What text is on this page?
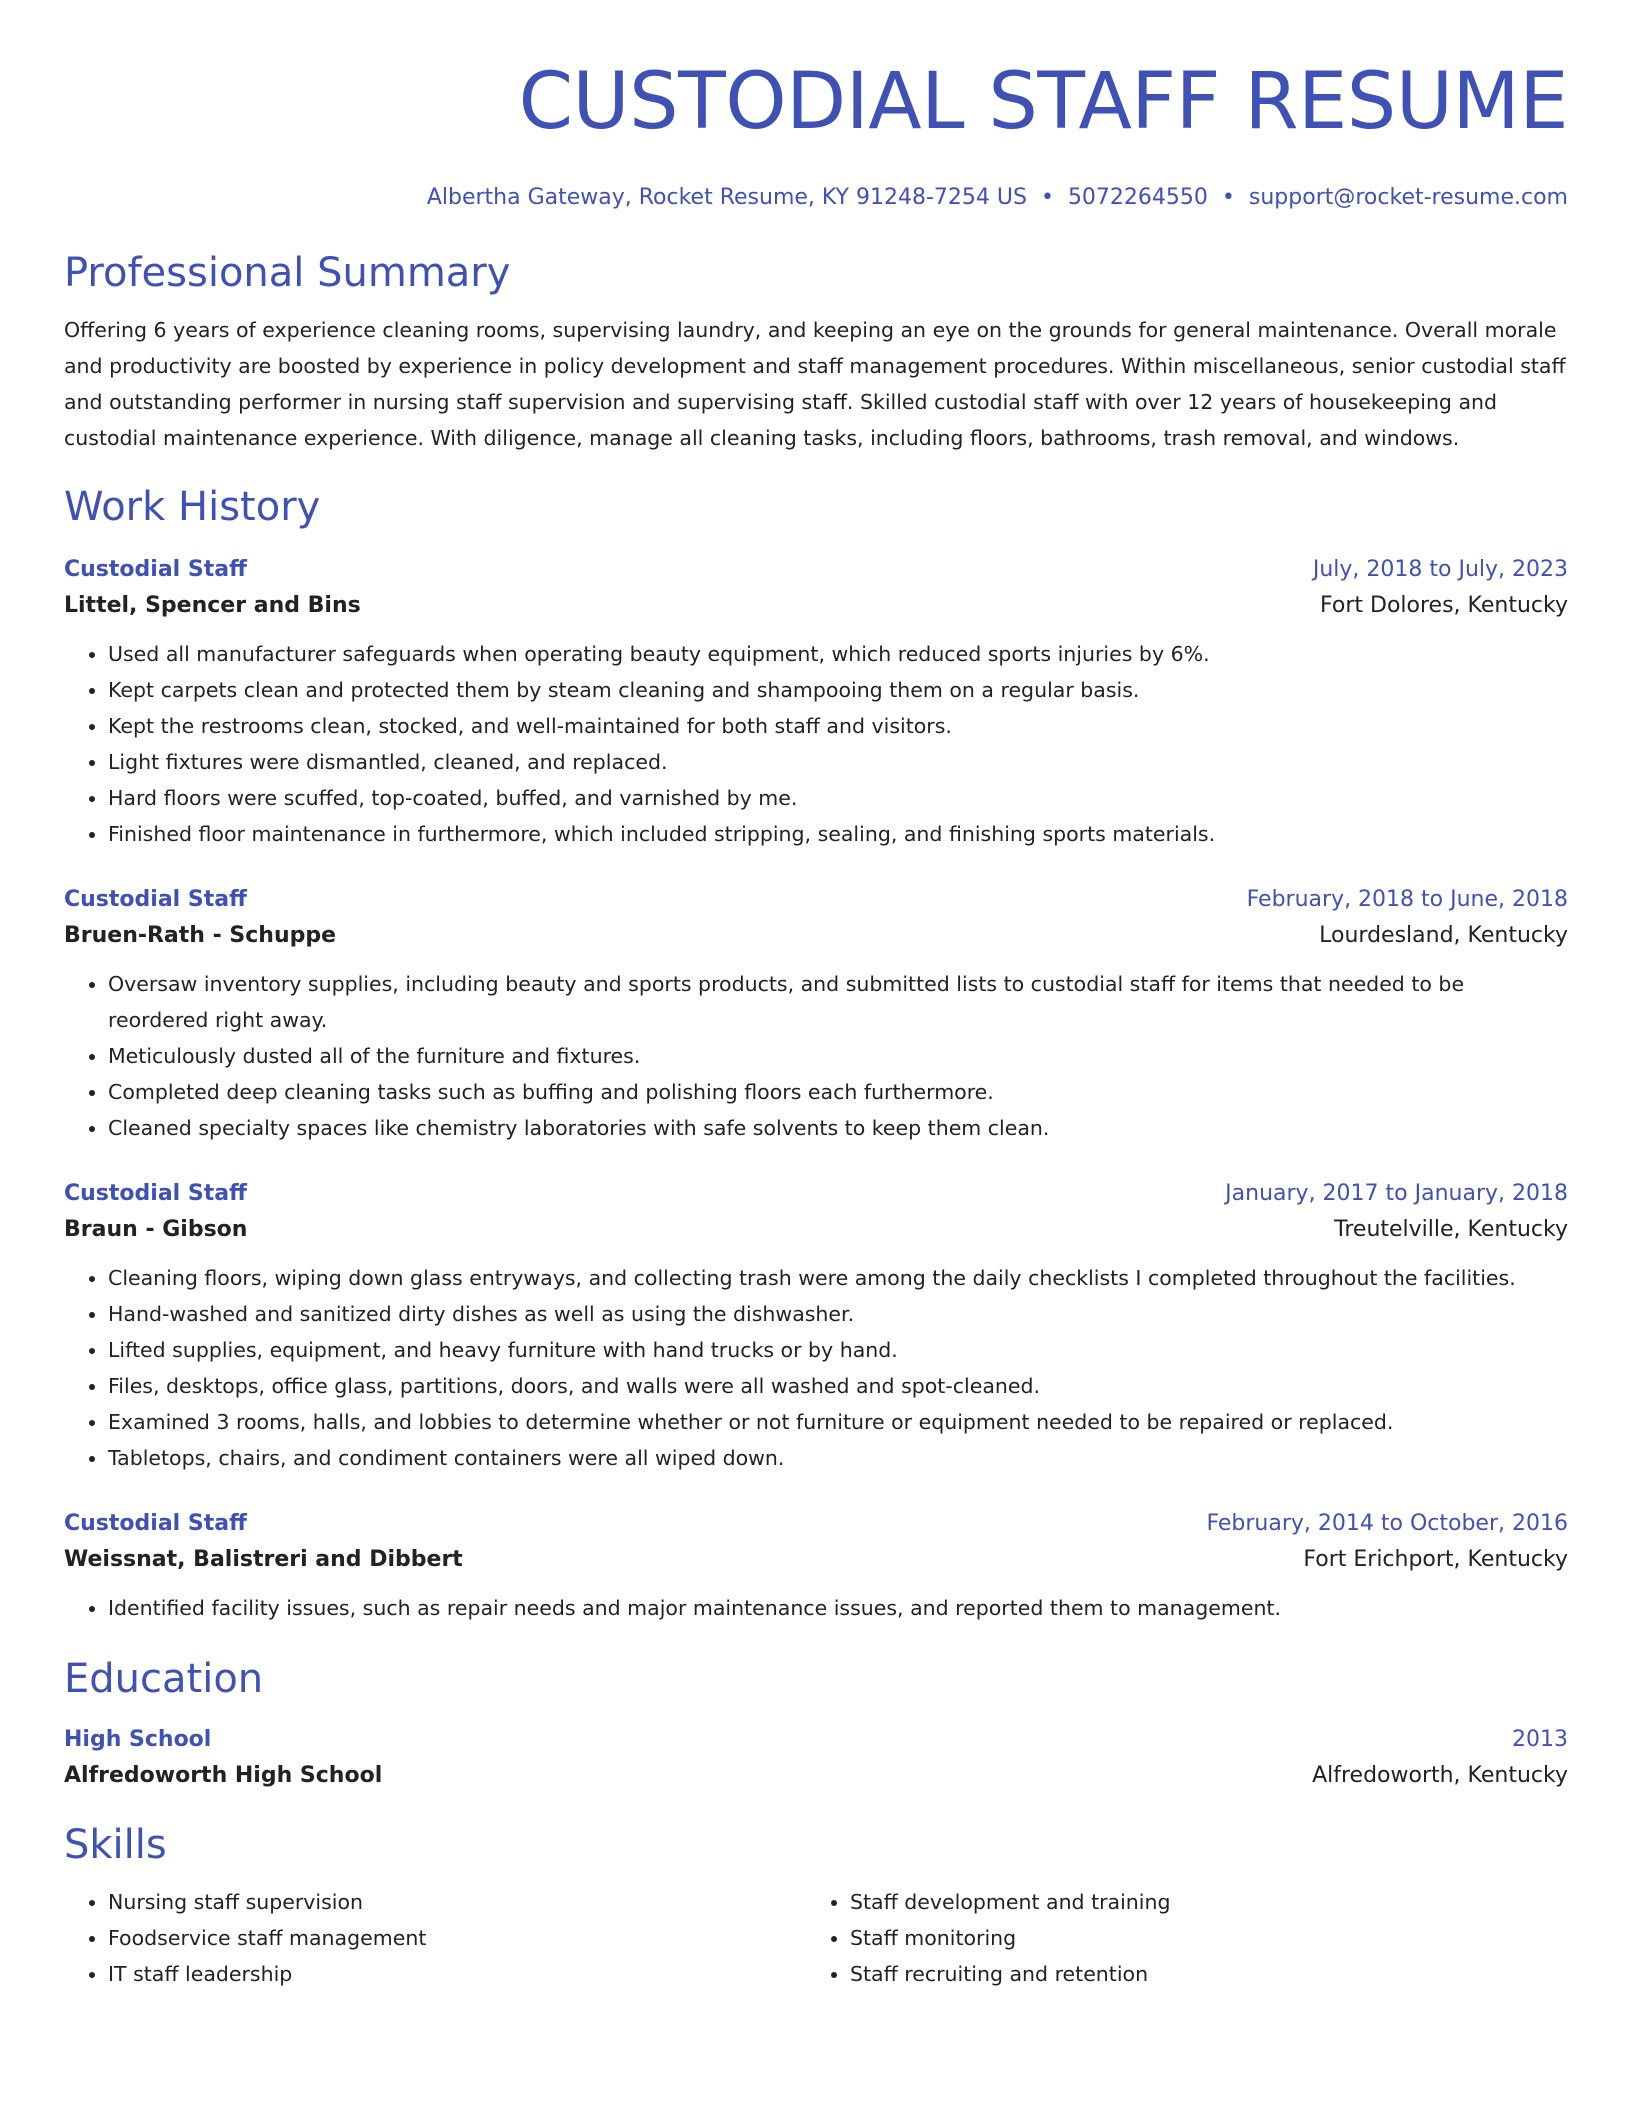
CUSTODIAL STAFF RESUME
Albertha Gateway, Rocket Resume, KY 91248-7254 US • 5072264550 • support@rocket-resume.com
Professional Summary

Offering 6 years of experience cleaning rooms, supervising laundry, and keeping an eye on the grounds for general maintenance. Overall morale and productivity are boosted by experience in policy development and staff management procedures. Within miscellaneous, senior custodial staff and outstanding performer in nursing staff supervision and supervising staff. Skilled custodial staff with over 12 years of housekeeping and custodial maintenance experience. With diligence, manage all cleaning tasks, including floors, bathrooms, trash removal, and windows.

Work History
Custodial Staff	July, 2018 to July, 2023
Littel, Spencer and Bins	Fort Dolores, Kentucky
• Used all manufacturer safeguards when operating beauty equipment, which reduced sports injuries by 6%.
• Kept carpets clean and protected them by steam cleaning and shampooing them on a regular basis.
• Kept the restrooms clean, stocked, and well-maintained for both staff and visitors.
• Light fixtures were dismantled, cleaned, and replaced.
• Hard floors were scuffed, top-coated, buffed, and varnished by me.
• Finished floor maintenance in furthermore, which included stripping, sealing, and finishing sports materials.
Custodial Staff	February, 2018 to June, 2018
Bruen-Rath - Schuppe	Lourdesland, Kentucky
• Oversaw inventory supplies, including beauty and sports products, and submitted lists to custodial staff for items that needed to be reordered right away.
• Meticulously dusted all of the furniture and fixtures.
• Completed deep cleaning tasks such as buffing and polishing floors each furthermore.
• Cleaned specialty spaces like chemistry laboratories with safe solvents to keep them clean.
Custodial Staff	January, 2017 to January, 2018
Braun - Gibson	Treutelville, Kentucky
• Cleaning floors, wiping down glass entryways, and collecting trash were among the daily checklists I completed throughout the facilities.
• Hand-washed and sanitized dirty dishes as well as using the dishwasher.
• Lifted supplies, equipment, and heavy furniture with hand trucks or by hand.
• Files, desktops, office glass, partitions, doors, and walls were all washed and spot-cleaned.
• Examined 3 rooms, halls, and lobbies to determine whether or not furniture or equipment needed to be repaired or replaced.
• Tabletops, chairs, and condiment containers were all wiped down.
Custodial Staff	February, 2014 to October, 2016
Weissnat, Balistreri and Dibbert	Fort Erichport, Kentucky
• Identified facility issues, such as repair needs and major maintenance issues, and reported them to management.
Education
High School	2013
Alfredoworth High School	Alfredoworth, Kentucky
Skills
• Nursing staff supervision
• Foodservice staff management
• IT staff leadership
• Staff development and training
• Staff monitoring
• Staff recruiting and retention
